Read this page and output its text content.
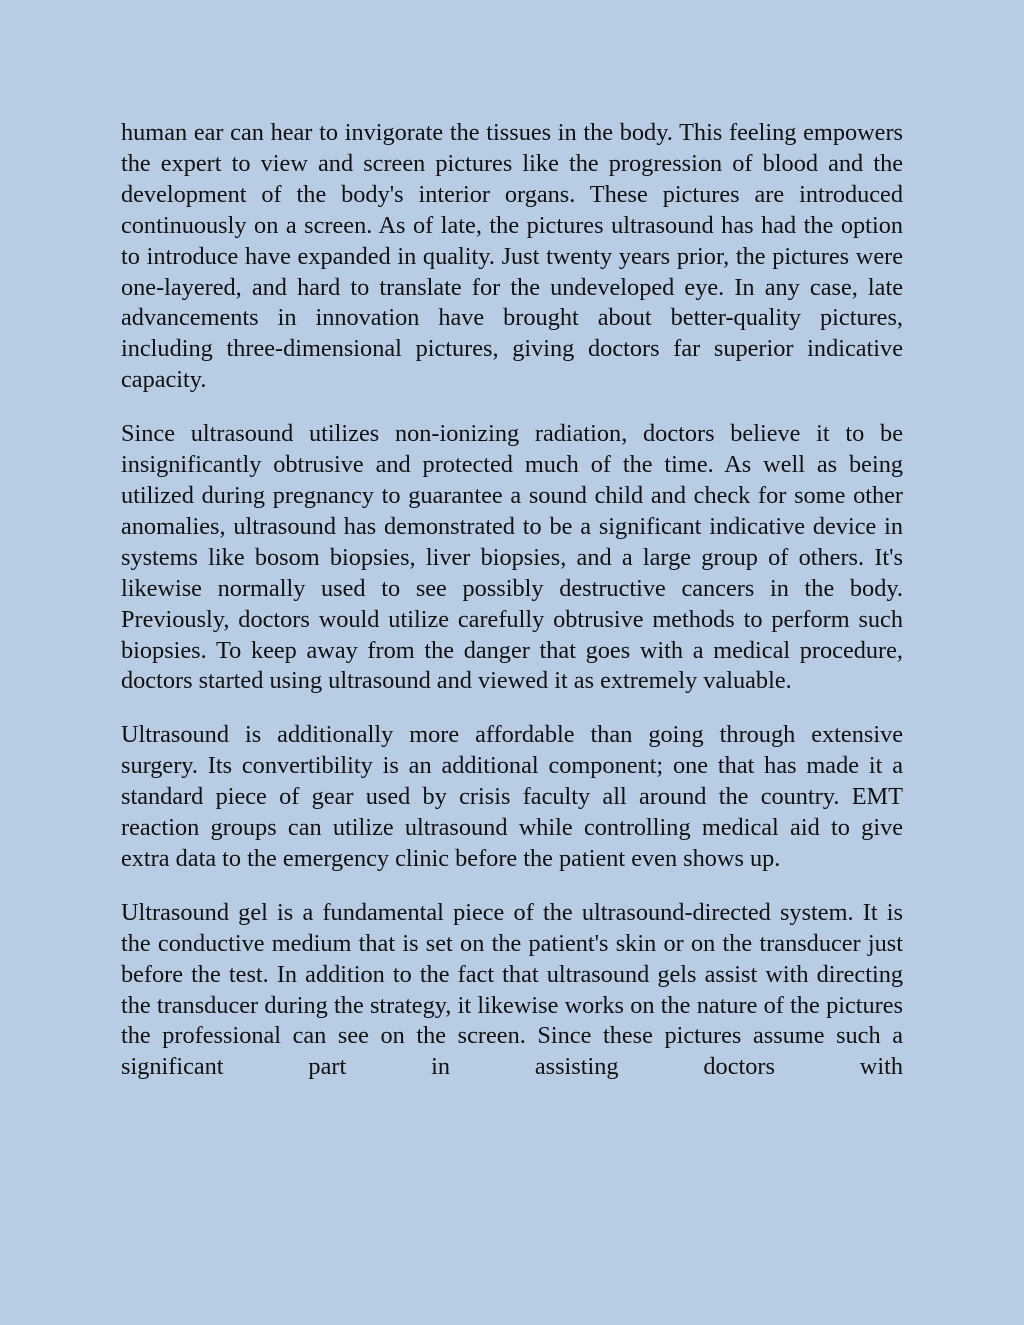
human ear can hear to invigorate the tissues in the body. This feeling empowers the expert to view and screen pictures like the progression of blood and the development of the body's interior organs. These pictures are introduced continuously on a screen. As of late, the pictures ultrasound has had the option to introduce have expanded in quality. Just twenty years prior, the pictures were one-layered, and hard to translate for the undeveloped eye. In any case, late advancements in innovation have brought about better-quality pictures, including three-dimensional pictures, giving doctors far superior indicative capacity.

Since ultrasound utilizes non-ionizing radiation, doctors believe it to be insignificantly obtrusive and protected much of the time. As well as being utilized during pregnancy to guarantee a sound child and check for some other anomalies, ultrasound has demonstrated to be a significant indicative device in systems like bosom biopsies, liver biopsies, and a large group of others. It's likewise normally used to see possibly destructive cancers in the body. Previously, doctors would utilize carefully obtrusive methods to perform such biopsies. To keep away from the danger that goes with a medical procedure, doctors started using ultrasound and viewed it as extremely valuable.

Ultrasound is additionally more affordable than going through extensive surgery. Its convertibility is an additional component; one that has made it a standard piece of gear used by crisis faculty all around the country. EMT reaction groups can utilize ultrasound while controlling medical aid to give extra data to the emergency clinic before the patient even shows up.

Ultrasound gel is a fundamental piece of the ultrasound-directed system. It is the conductive medium that is set on the patient's skin or on the transducer just before the test. In addition to the fact that ultrasound gels assist with directing the transducer during the strategy, it likewise works on the nature of the pictures the professional can see on the screen. Since these pictures assume such a significant part in assisting doctors with
